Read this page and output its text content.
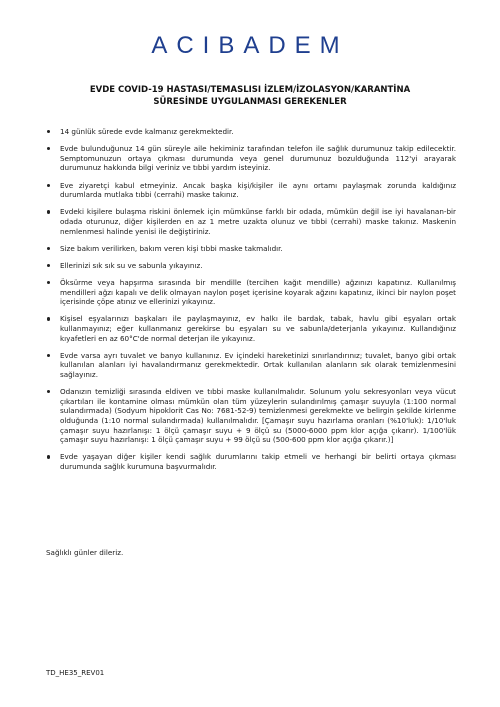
ACIBADEM
EVDE COVID-19 HASTASI/TEMASLISI İZLEM/İZOLASYON/KARANTİNA
SÜRESİNDE UYGULANMASI GEREKENLER
14 günlük sürede evde kalmanız gerekmektedir.
Evde bulunduğunuz 14 gün süreyle aile hekiminiz tarafından telefon ile sağlık durumunuz takip edilecektir. Semptomunuzun ortaya çıkması durumunda veya genel durumunuz bozulduğunda 112'yi arayarak durumunuz hakkında bilgi veriniz ve tıbbi yardım isteyiniz.
Eve ziyaretçi kabul etmeyiniz. Ancak başka kişi/kişiler ile aynı ortamı paylaşmak zorunda kaldığınız durumlarda mutlaka tıbbi (cerrahi) maske takınız.
Evdeki kişilere bulaşma riskini önlemek için mümkünse farklı bir odada, mümkün değil ise iyi havalanan-bir odada oturunuz, diğer kişilerden en az 1 metre uzakta olunuz ve tıbbi (cerrahi) maske takınız. Maskenin nemlenmesi halinde yenisi ile değiştiriniz.
Size bakım verilirken, bakım veren kişi tıbbi maske takmalıdır.
Ellerinizi sık sık su ve sabunla yıkayınız.
Öksürme veya hapşırma sırasında bir mendille (tercihen kağıt mendille) ağzınızı kapatınız. Kullanılmış mendilleri ağzı kapalı ve delik olmayan naylon poşet içerisine koyarak ağzını kapatınız, ikinci bir naylon poşet içerisinde çöpe atınız ve ellerinizi yıkayınız.
Kişisel eşyalarınızı başkaları ile paylaşmayınız, ev halkı ile bardak, tabak, havlu gibi eşyaları ortak kullanmayınız; eğer kullanmanız gerekirse bu eşyaları su ve sabunla/deterjanla yıkayınız. Kullandığınız kıyafetleri en az 60°C'de normal deterjan ile yıkayınız.
Evde varsa ayrı tuvalet ve banyo kullanınız. Ev içindeki hareketinizi sınırlandırınız; tuvalet, banyo gibi ortak kullanılan alanları iyi havalandırmanız gerekmektedir. Ortak kullanılan alanların sık olarak temizlenmesini sağlayınız.
Odanızın temizliği sırasında eldiven ve tıbbi maske kullanılmalıdır. Solunum yolu sekresyonları veya vücut çıkartıları ile kontamine olması mümkün olan tüm yüzeylerin sulandırılmış çamaşır suyuyla (1:100 normal sulandırmada) (Sodyum hipoklorit Cas No: 7681-52-9) temizlenmesi gerekmekte ve belirgin şekilde kirlenme olduğunda (1:10 normal sulandırmada) kullanılmalıdır. [Çamaşır suyu hazırlama oranları (%10'luk): 1/10'luk çamaşır suyu hazırlanışı: 1 ölçü çamaşır suyu + 9 ölçü su (5000-6000 ppm klor açığa çıkarır). 1/100'lük çamaşır suyu hazırlanışı: 1 ölçü çamaşır suyu + 99 ölçü su (500-600 ppm klor açığa çıkarır.)]
Evde yaşayan diğer kişiler kendi sağlık durumlarını takip etmeli ve herhangi bir belirti ortaya çıkması durumunda sağlık kurumuna başvurmalıdır.
Sağlıklı günler dileriz.
TD_HE35_REV01
